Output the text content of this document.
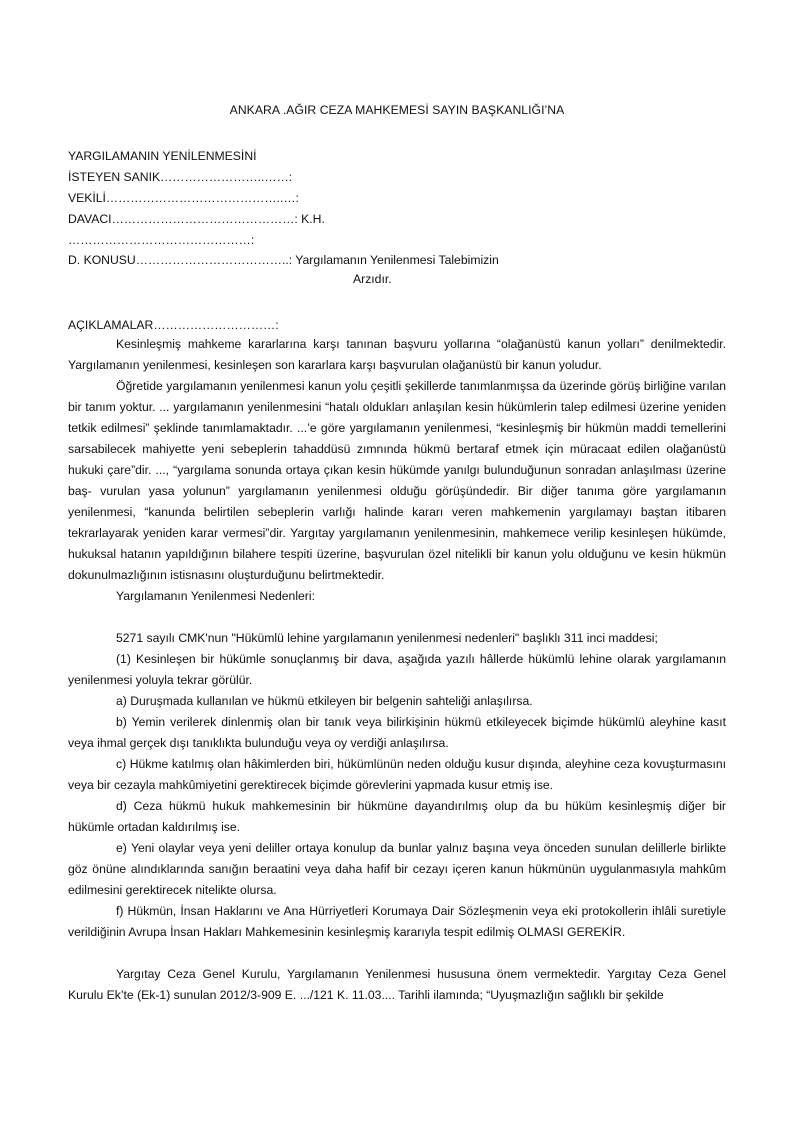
ANKARA .AĞIR CEZA MAHKEMESİ SAYIN BAŞKANLIĞI’NA
YARGILAMANIN YENİLENMESİNİ
İSTEYEN SANIK……………………..……:
VEKİLİ……………………………………..…:
DAVACI………………………………………: K.H.
………………………………………:
D. KONUSU………………………………..: Yargılamanın Yenilenmesi Talebimizin
Arzıdır.
AÇIKLAMALAR…………………………:

Kesinleşmiş mahkeme kararlarına karşı tanınan başvuru yollarına “olağanüstü kanun yolları” denilmektedir. Yargılamanın yenilenmesi, kesinleşen son kararlara karşı başvurulan olağanüstü bir kanun yoludur.

Öğretide yargılamanın yenilenmesi kanun yolu çeşitli şekillerde tanımlanmışsa da üzerinde görüş birliğine varılan bir tanım yoktur. ... yargılamanın yenilenmesini “hatalı oldukları anlaşılan kesin hükümlerin talep edilmesi üzerine yeniden tetkik edilmesi” şeklinde tanımlamaktadır. ...’e göre yargılamanın yenilenmesi, “kesinleşmiş bir hükmün maddi temellerini sarsabilecek mahiyette yeni sebeplerin tahaddüsü zımnında hükmü bertaraf etmek için müracaat edilen olağanüstü hukuki çare”dir. ..., “yargılama sonunda ortaya çıkan kesin hükümde yanılgı bulunduğunun sonradan anlaşılması üzerine baş- vurulan yasa yolunun” yargılamanın yenilenmesi olduğu görüşündedir. Bir diğer tanıma göre yargılamanın yenilenmesi, “kanunda belirtilen sebeplerin varlığı halinde kararı veren mahkemenin yargılamayı baştan itibaren tekrarlayarak yeniden karar vermesi”dir. Yargıtay yargılamanın yenilenmesinin, mahkemece verilip kesinleşen hükümde, hukuksal hatanın yapıldığının bilahere tespiti üzerine, başvurulan özel nitelikli bir kanun yolu olduğunu ve kesin hükmün dokunulmazlığının istisnasını oluşturduğunu belirtmektedir.

Yargılamanın Yenilenmesi Nedenleri:

5271 sayılı CMK'nun "Hükümlü lehine yargılamanın yenilenmesi nedenleri" başlıklı 311 inci maddesi;

(1) Kesinleşen bir hükümle sonuçlanmış bir dava, aşağıda yazılı hâllerde hükümlü lehine olarak yargılamanın yenilenmesi yoluyla tekrar görülür.

a) Duruşmada kullanılan ve hükmü etkileyen bir belgenin sahteliği anlaşılırsa.

b) Yemin verilerek dinlenmiş olan bir tanık veya bilirkişinin hükmü etkileyecek biçimde hükümlü aleyhine kasıt veya ihmal gerçek dışı tanıklıkta bulunduğu veya oy verdiği anlaşılırsa.

c) Hükme katılmış olan hâkimlerden biri, hükümlünün neden olduğu kusur dışında, aleyhine ceza kovuşturmasını veya bir cezayla mahkûmiyetini gerektirecek biçimde görevlerini yapmada kusur etmiş ise.

d) Ceza hükmü hukuk mahkemesinin bir hükmüne dayandırılmış olup da bu hüküm kesinleşmiş diğer bir hükümle ortadan kaldırılmış ise.

e) Yeni olaylar veya yeni deliller ortaya konulup da bunlar yalnız başına veya önceden sunulan delillerle birlikte göz önüne alındıklarında sanığın beraatini veya daha hafif bir cezayı içeren kanun hükmünün uygulanmasıyla mahkûm edilmesini gerektirecek nitelikte olursa.

f) Hükmün, İnsan Haklarını ve Ana Hürriyetleri Korumaya Dair Sözleşmenin veya eki protokollerin ihlâli suretiyle verildiğinin Avrupa İnsan Hakları Mahkemesinin kesinleşmiş kararıyla tespit edilmiş OLMASI GEREKİR.

Yargıtay Ceza Genel Kurulu, Yargılamanın Yenilenmesi hususuna önem vermektedir. Yargıtay Ceza Genel Kurulu Ek’te (Ek-1) sunulan 2012/3-909 E. .../121 K. 11.03.... Tarihli ilamında; “Uyuşmazlığın sağlıklı bir şekilde
